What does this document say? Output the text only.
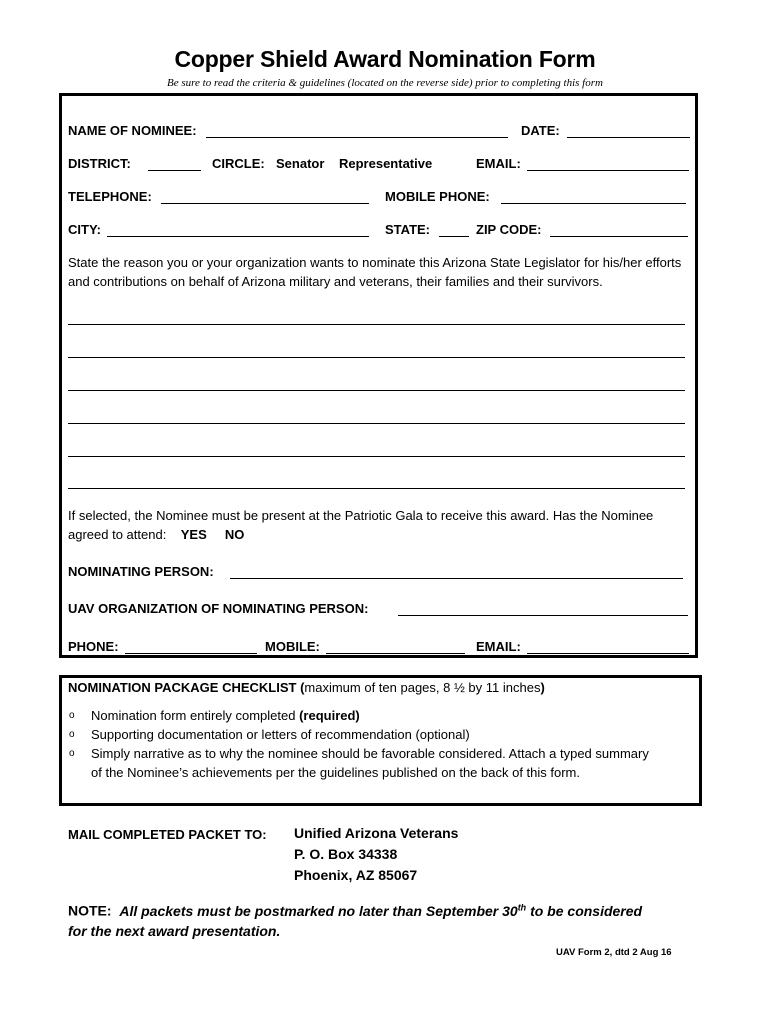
Copper Shield Award Nomination Form
Be sure to read the criteria & guidelines (located on the reverse side) prior to completing this form
NAME OF NOMINEE:	DATE:
DISTRICT:	CIRCLE: Senator Representative	EMAIL:
TELEPHONE:	MOBILE PHONE:
CITY:	STATE:	ZIP CODE:
State the reason you or your organization wants to nominate this Arizona State Legislator for his/her efforts and contributions on behalf of Arizona military and veterans, their families and their survivors.
If selected, the Nominee must be present at the Patriotic Gala to receive this award. Has the Nominee agreed to attend: YES NO
NOMINATING PERSON:
UAV ORGANIZATION OF NOMINATING PERSON:
PHONE:	MOBILE:	EMAIL:
NOMINATION PACKAGE CHECKLIST (maximum of ten pages, 8 ½ by 11 inches)
o Nomination form entirely completed (required)
o Supporting documentation or letters of recommendation (optional)
o Simply narrative as to why the nominee should be favorable considered. Attach a typed summary
of the Nominee’s achievements per the guidelines published on the back of this form.
MAIL COMPLETED PACKET TO: Unified Arizona Veterans
P. O. Box 34338
Phoenix, AZ 85067
NOTE: All packets must be postmarked no later than September 30th to be considered
for the next award presentation.
UAV Form 2, dtd 2 Aug 16
